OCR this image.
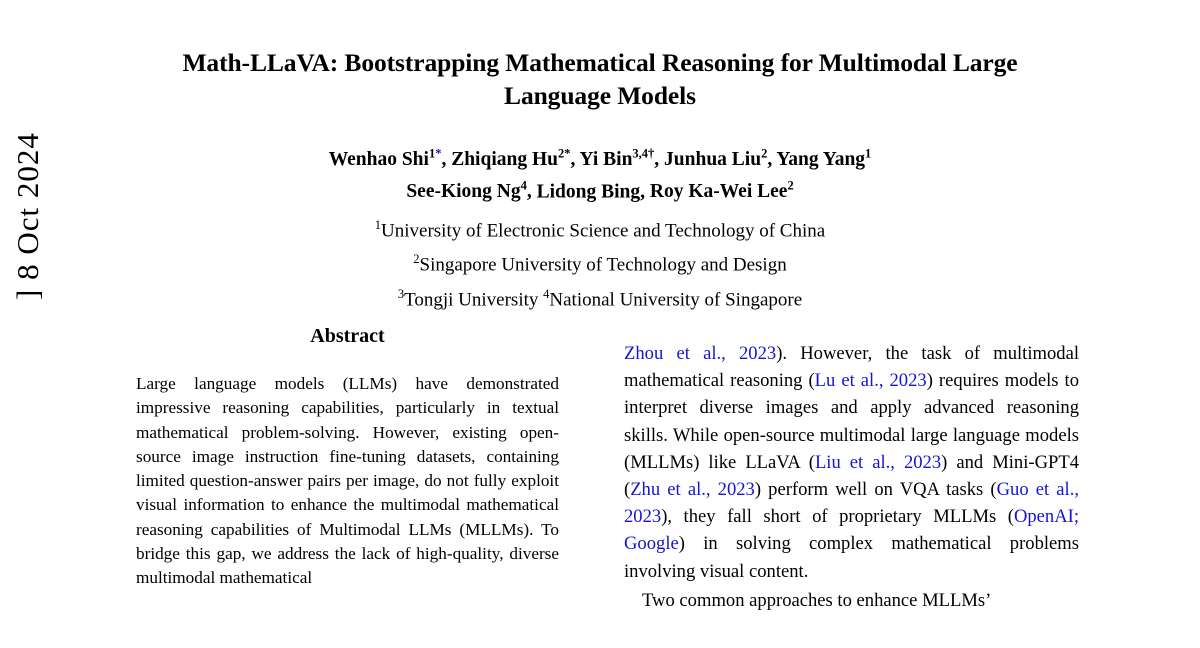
] 8 Oct 2024
Math-LLaVA: Bootstrapping Mathematical Reasoning for Multimodal Large Language Models
Wenhao Shi$^{1*}$, Zhiqiang $Hu^{2*}$, Yi Bin$^{3,4\dagger}$, Junhua Liu$^2$, Yang Yang$^1$
See-Kiong Ng$^4$, Lidong Bing, Roy Ka-Wei Lee$^2$
$^1$University of Electronic Science and Technology of China
$^2$Singapore University of Technology and Design
$^3$Tongji University $^4$National University of Singapore
Abstract
Large language models (LLMs) have demonstrated impressive reasoning capabilities, particularly in textual mathematical problem-solving. However, existing open-source image instruction fine-tuning datasets, containing limited question-answer pairs per image, do not fully exploit visual information to enhance the multimodal mathematical reasoning capabilities of Multimodal LLMs (MLLMs). To bridge this gap, we address the lack of high-quality, diverse multimodal mathematical

Zhou et al., 2023). However, the task of multimodal mathematical reasoning (Lu et al., 2023) requires models to interpret diverse images and apply advanced reasoning skills. While open-source multimodal large language models (MLLMs) like LLaVA (Liu et al., 2023) and Mini-GPT4 (Zhu et al., 2023) perform well on VQA tasks (Guo et al., 2023), they fall short of proprietary MLLMs (OpenAI; Google) in solving complex mathematical problems involving visual content.

Two common approaches to enhance MLLMs’
